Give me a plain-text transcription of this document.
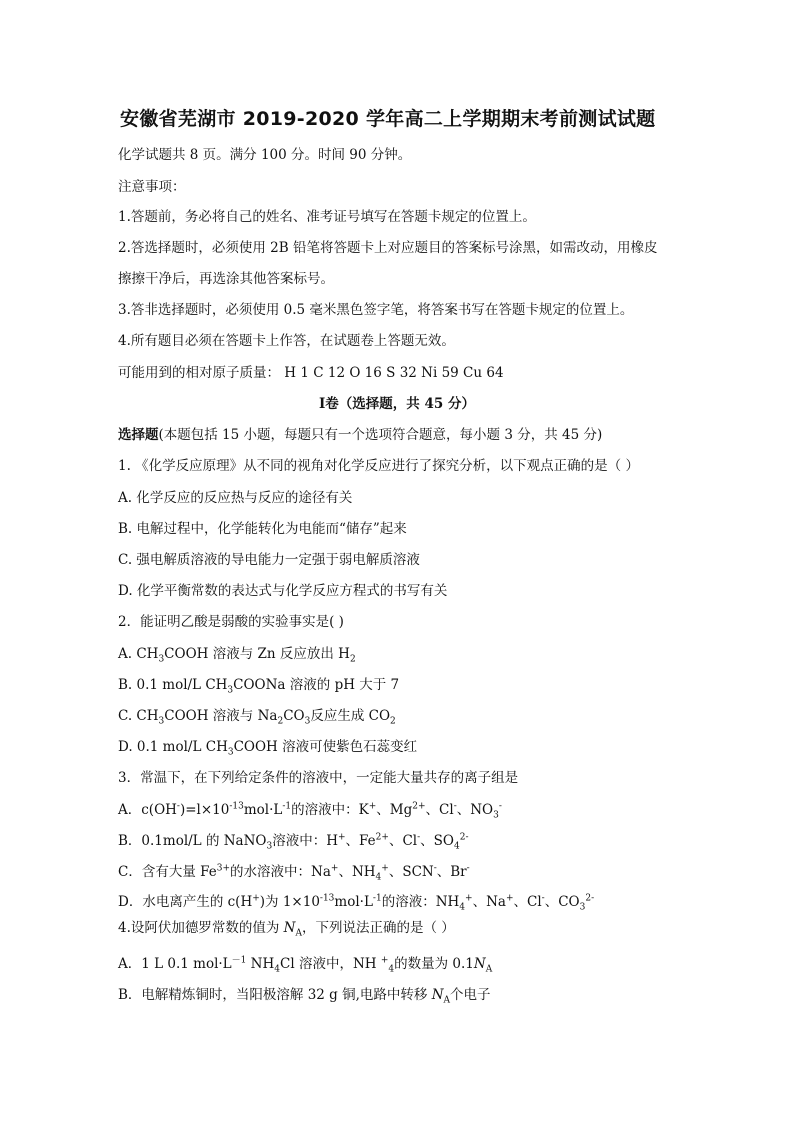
安徽省芜湖市 2019-2020 学年高二上学期期末考前测试试题
化学试题共 8 页。满分 100 分。时间 90 分钟。
注意事项：
1.答题前，务必将自己的姓名、准考证号填写在答题卡规定的位置上。
2.答选择题时，必须使用 2B 铅笔将答题卡上对应题目的答案标号涂黑，如需改动，用橡皮
擦擦干净后，再选涂其他答案标号。
3.答非选择题时，必须使用 0.5 毫米黑色签字笔，将答案书写在答题卡规定的位置上。
4.所有题目必须在答题卡上作答，在试题卷上答题无效。
可能用到的相对原子质量： H 1 C 12 O 16 S 32 Ni 59 Cu 64
Ⅰ卷（选择题，共 45 分）
选择题(本题包括 15 小题，每题只有一个选项符合题意，每小题 3 分，共 45 分)
1. 《化学反应原理》从不同的视角对化学反应进行了探究分析，以下观点正确的是（ ）
A. 化学反应的反应热与反应的途径有关
B. 电解过程中，化学能转化为电能而“储存”起来
C. 强电解质溶液的导电能力一定强于弱电解质溶液
D. 化学平衡常数的表达式与化学反应方程式的书写有关
2．能证明乙酸是弱酸的实验事实是( )
A. $CH_3COOH$ 溶液与 Zn 反应放出 $H_2$
B. 0.1 mol/L $CH_3COONa$ 溶液的 pH 大于 7
C. $CH_3COOH$ 溶液与 $Na_2CO_3$反应生成 $CO_2$
D. 0.1 mol/L $CH_3COOH$ 溶液可使紫色石蕊变红
3．常温下，在下列给定条件的溶液中，一定能大量共存的离子组是
A．$c(OH^-)=l\times 10^{-13}mol\cdot L^{-1}$的溶液中：K+、$Mg^{2+}$、Cl-、$NO_3^-$
B．0.1mol/L 的 NaNO$_3$溶液中：H+、$Fe^{2+}$、Cl-、$SO_4^{2-}$
C．含有大量 $Fe^{3+}$的水溶液中：Na+、$NH_4^+$、SCN-、Br-
D．水电离产生的 c(H+)为 $1\times 10^{-13}mol\cdot L^{-1}$的溶液：$NH_4^+$、Na+、Cl-、$CO_3^{2-}$
4.设阿伏加德罗常数的值为 $N_A$，下列说法正确的是（ ）
A．1 L 0.1 $mol\cdot L^{-1}$ $NH_4Cl$ 溶液中，NH +$_4$的数量为 $0.1N_A$
B．电解精炼铜时，当阳极溶解 32 g 铜,电路中转移 $N_A$个电子
